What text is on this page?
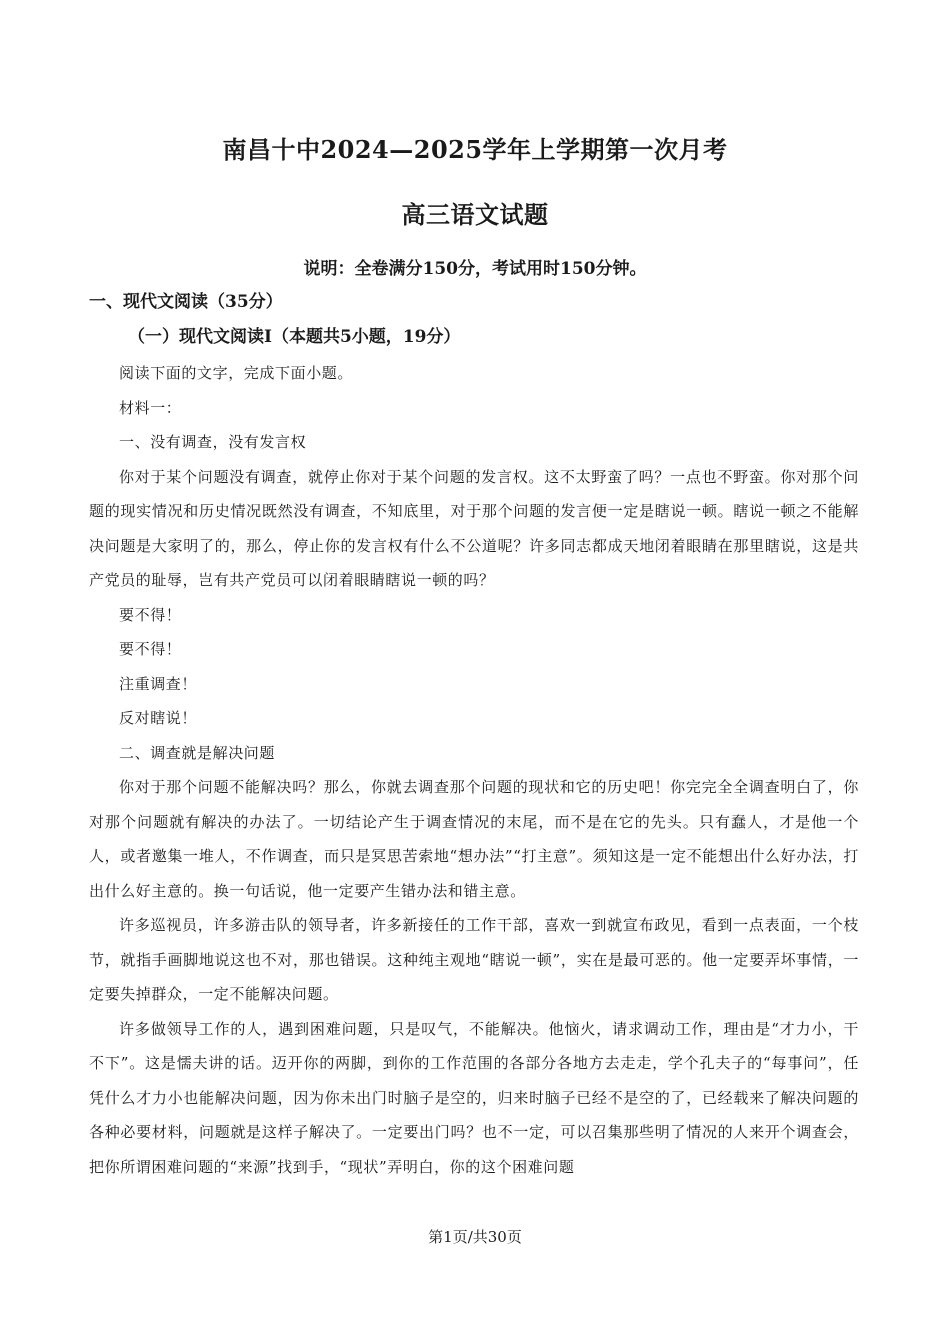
南昌十中2024—2025学年上学期第一次月考
高三语文试题
说明：全卷满分150分，考试用时150分钟。
一、现代文阅读（35分）
（一）现代文阅读I（本题共5小题，19分）

阅读下面的文字，完成下面小题。

材料一：

一、没有调查，没有发言权

你对于某个问题没有调查，就停止你对于某个问题的发言权。这不太野蛮了吗？一点也不野蛮。你对那个问题的现实情况和历史情况既然没有调查，不知底里，对于那个问题的发言便一定是瞎说一顿。瞎说一顿之不能解决问题是大家明了的，那么，停止你的发言权有什么不公道呢？许多同志都成天地闭着眼睛在那里瞎说，这是共产党员的耻辱，岂有共产党员可以闭着眼睛瞎说一顿的吗？

要不得！

要不得！

注重调查！

反对瞎说！

二、调查就是解决问题

你对于那个问题不能解决吗？那么，你就去调查那个问题的现状和它的历史吧！你完完全全调查明白了，你对那个问题就有解决的办法了。一切结论产生于调查情况的末尾，而不是在它的先头。只有蠢人，才是他一个人，或者邀集一堆人，不作调查，而只是冥思苦索地“想办法”“打主意”。须知这是一定不能想出什么好办法，打出什么好主意的。换一句话说，他一定要产生错办法和错主意。

许多巡视员，许多游击队的领导者，许多新接任的工作干部，喜欢一到就宣布政见，看到一点表面，一个枝节，就指手画脚地说这也不对，那也错误。这种纯主观地“瞎说一顿”，实在是最可恶的。他一定要弄坏事情，一定要失掉群众，一定不能解决问题。

许多做领导工作的人，遇到困难问题，只是叹气，不能解决。他恼火，请求调动工作，理由是“才力小，干不下”。这是懦夫讲的话。迈开你的两脚，到你的工作范围的各部分各地方去走走，学个孔夫子的“每事问”，任凭什么才力小也能解决问题，因为你未出门时脑子是空的，归来时脑子已经不是空的了，已经载来了解决问题的各种必要材料，问题就是这样子解决了。一定要出门吗？也不一定，可以召集那些明了情况的人来开个调查会，把你所谓困难问题的“来源”找到手，“现状”弄明白，你的这个困难问题

第1页/共30页
